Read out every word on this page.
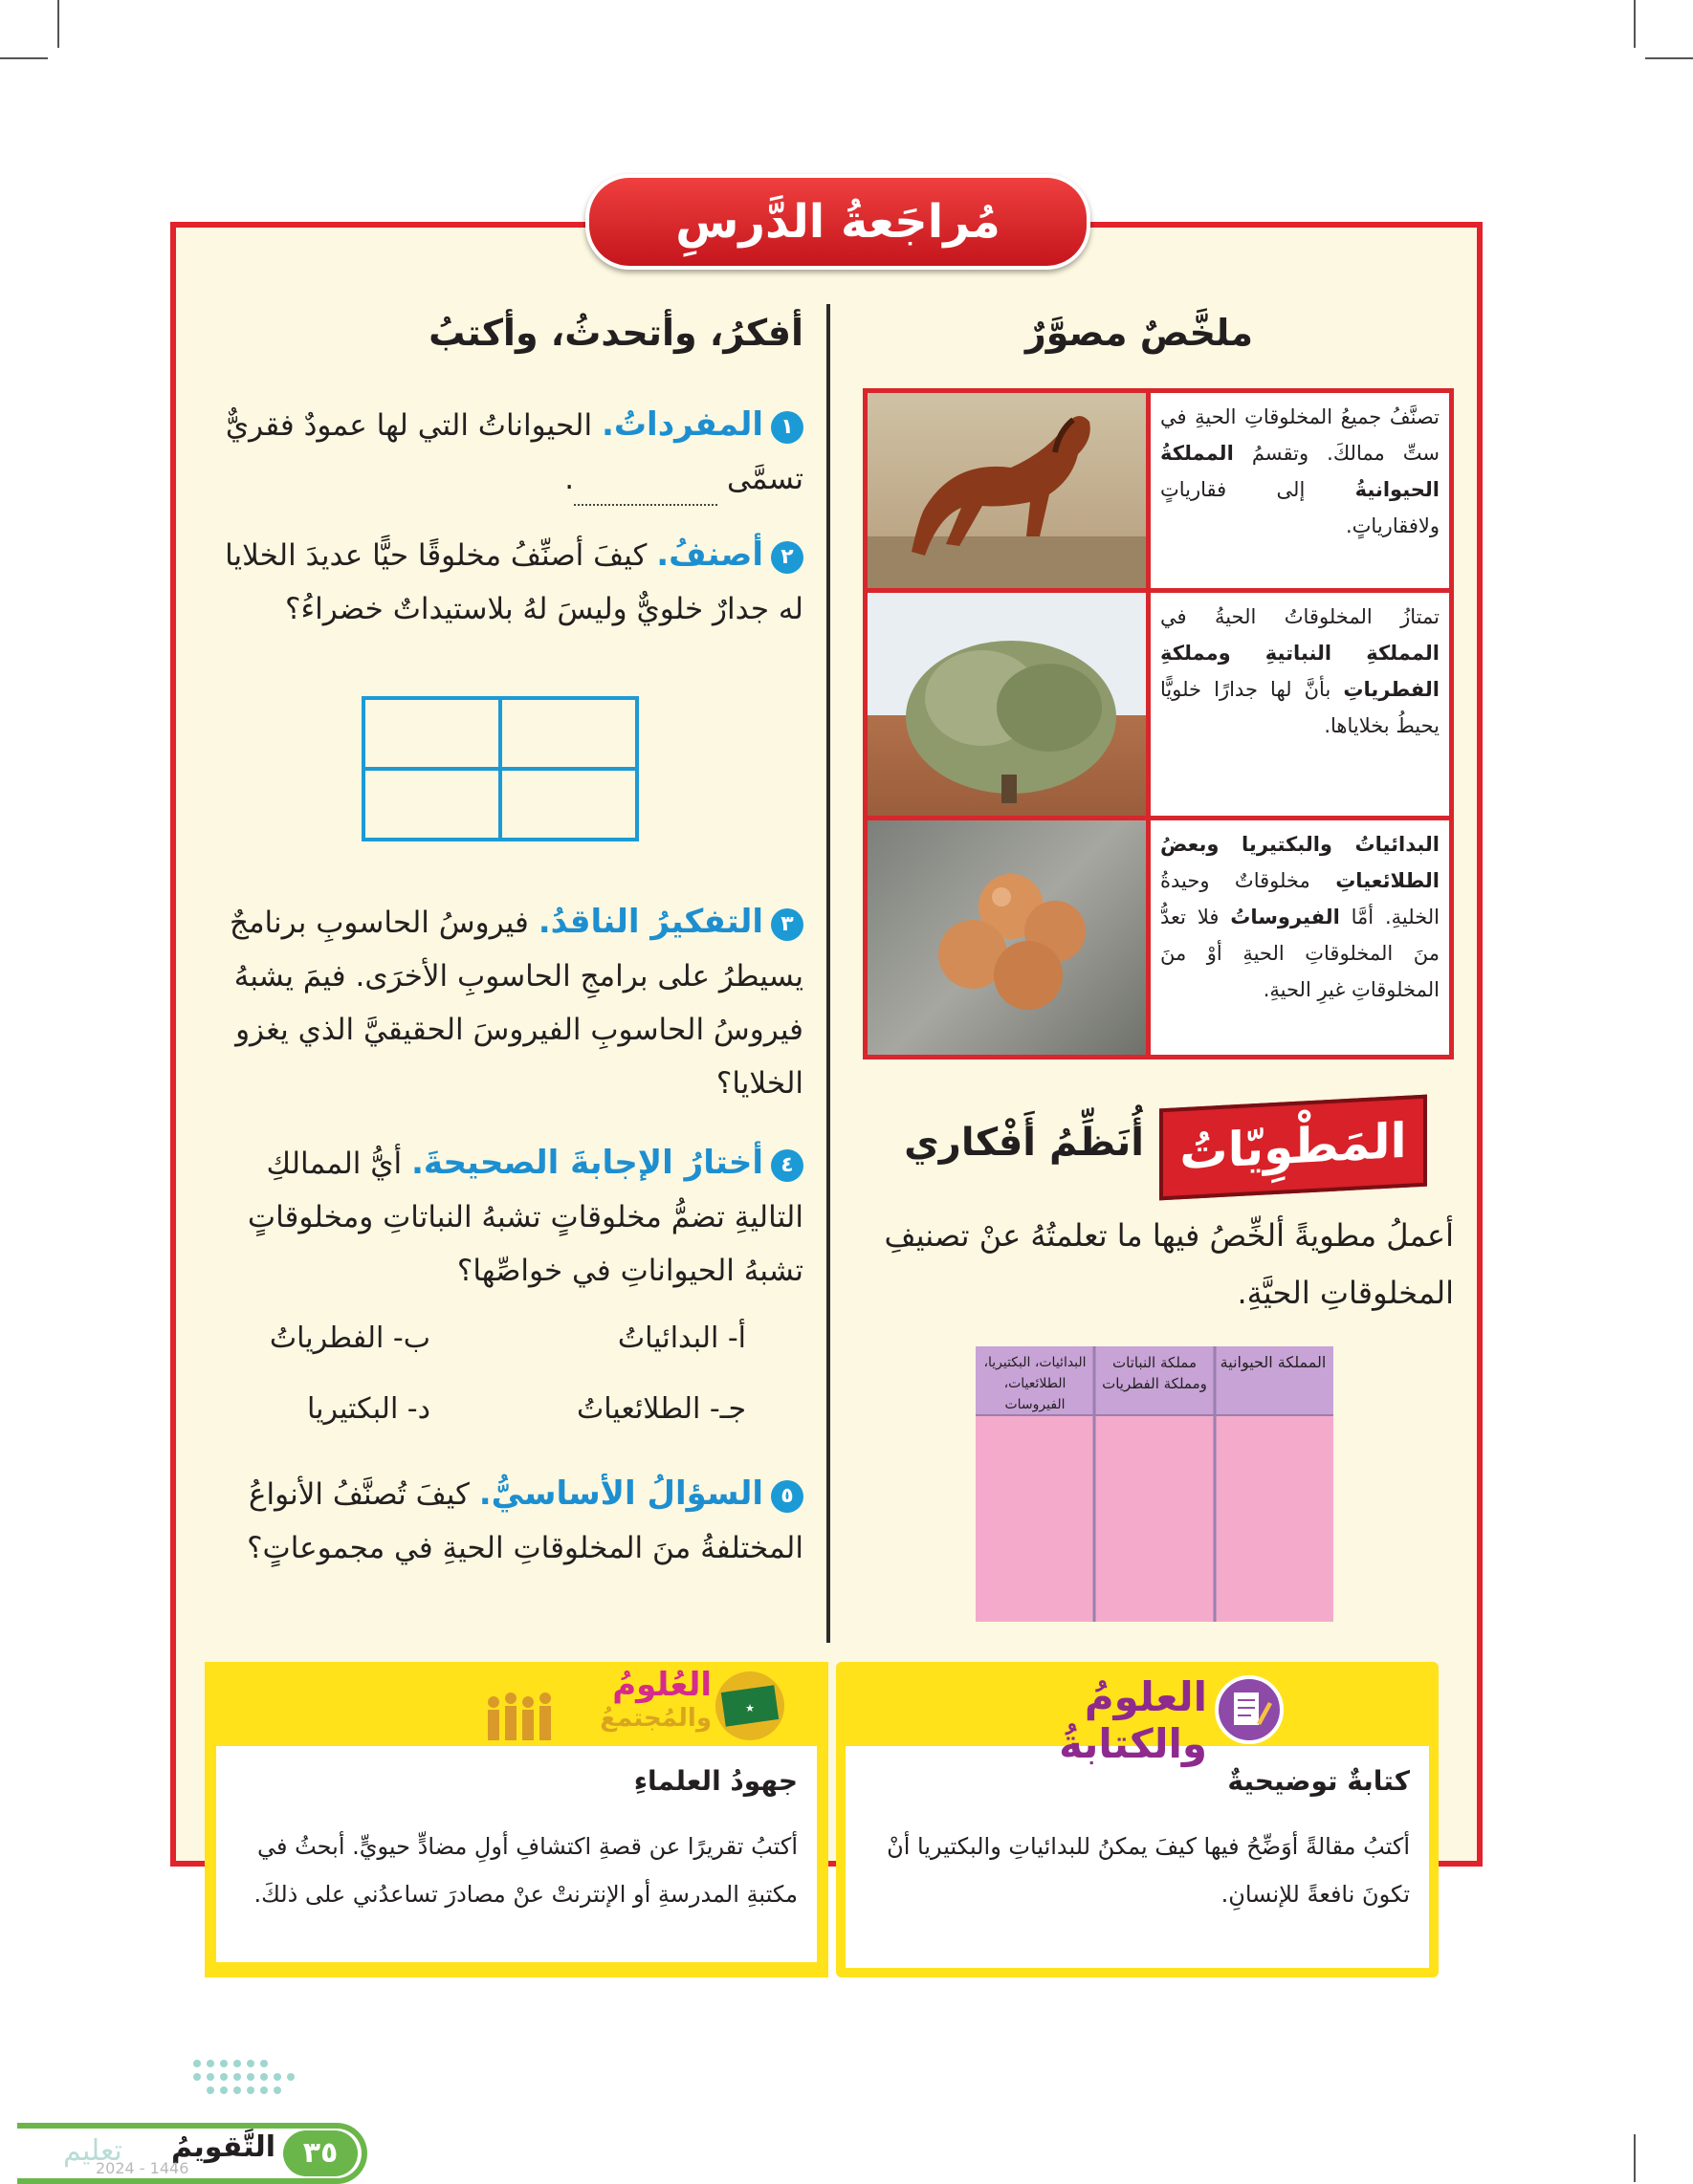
مُراجَعةُ الدَّرسِ
ملخَّصٌ مصوَّرٌ
تصنَّفُ جميعُ المخلوقاتِ الحيةِ في ستِّ ممالكَ. وتقسمُ المملكةُ الحيوانيةُ إلى فقارياتٍ ولافقارياتٍ.
تمتازُ المخلوقاتُ الحيةُ في المملكةِ النباتيةِ ومملكةِ الفطرياتِ بأنَّ لها جدارًا خلويًّا يحيطُ بخلاياها.
البدائياتُ والبكتيريا وبعضُ الطلائعياتِ مخلوقاتٌ وحيدةُ الخليةِ. أمَّا الفيروساتُ فلا تعدُّ منَ المخلوقاتِ الحيةِ أوْ منَ المخلوقاتِ غيرِ الحيةِ.
المَطْوِيّاتُ
أُنَظِّمُ أَفْكاري
أعملُ مطويةً ألخِّصُ فيها ما تعلمتُهُ عنْ تصنيفِ المخلوقاتِ الحيَّةِ.
المملكة الحيوانية
مملكة النباتات ومملكة الفطريات
البدائيات، البكتيريا، الطلائعيات، الفيروسات
أفكرُ، وأتحدثُ، وأكتبُ
١المفرداتُ. الحيواناتُ التي لها عمودٌ فقريٌّ تسمَّى .
٢أصنفُ. كيفَ أصنِّفُ مخلوقًا حيًّا عديدَ الخلايا له جدارٌ خلويٌّ وليسَ لهُ بلاستيداتٌ خضراءُ؟
٣التفكيرُ الناقدُ. فيروسُ الحاسوبِ برنامجٌ يسيطرُ على برامجِ الحاسوبِ الأخرَى. فيمَ يشبهُ فيروسُ الحاسوبِ الفيروسَ الحقيقيَّ الذي يغزو الخلايا؟
٤أختارُ الإجابةَ الصحيحةَ. أيُّ الممالكِ التاليةِ تضمُّ مخلوقاتٍ تشبهُ النباتاتِ ومخلوقاتٍ تشبهُ الحيواناتِ في خواصِّها؟
أ- البدائياتُ
ب- الفطرياتُ
جـ- الطلائعياتُ
د- البكتيريا
٥السؤالُ الأساسيُّ. كيفَ تُصنَّفُ الأنواعُ المختلفةُ منَ المخلوقاتِ الحيةِ في مجموعاتٍ؟
العلومُ والكتابةُ
كتابةٌ توضيحيةٌ
أكتبُ مقالةً أوَضِّحُ فيها كيفَ يمكنُ للبدائياتِ والبكتيريا أنْ تكونَ نافعةً للإنسانِ.
★
العُلومُ
والمُجتمعُ
جهودُ العلماءِ
أكتبُ تقريرًا عن قصةِ اكتشافِ أولِ مضادٍّ حيويٍّ. أبحثُ في مكتبةِ المدرسةِ أو الإنترنتْ عنْ مصادرَ تساعدُني على ذلكَ.
٣٥
التَّقويمُ
تعليم
2024 - 1446
